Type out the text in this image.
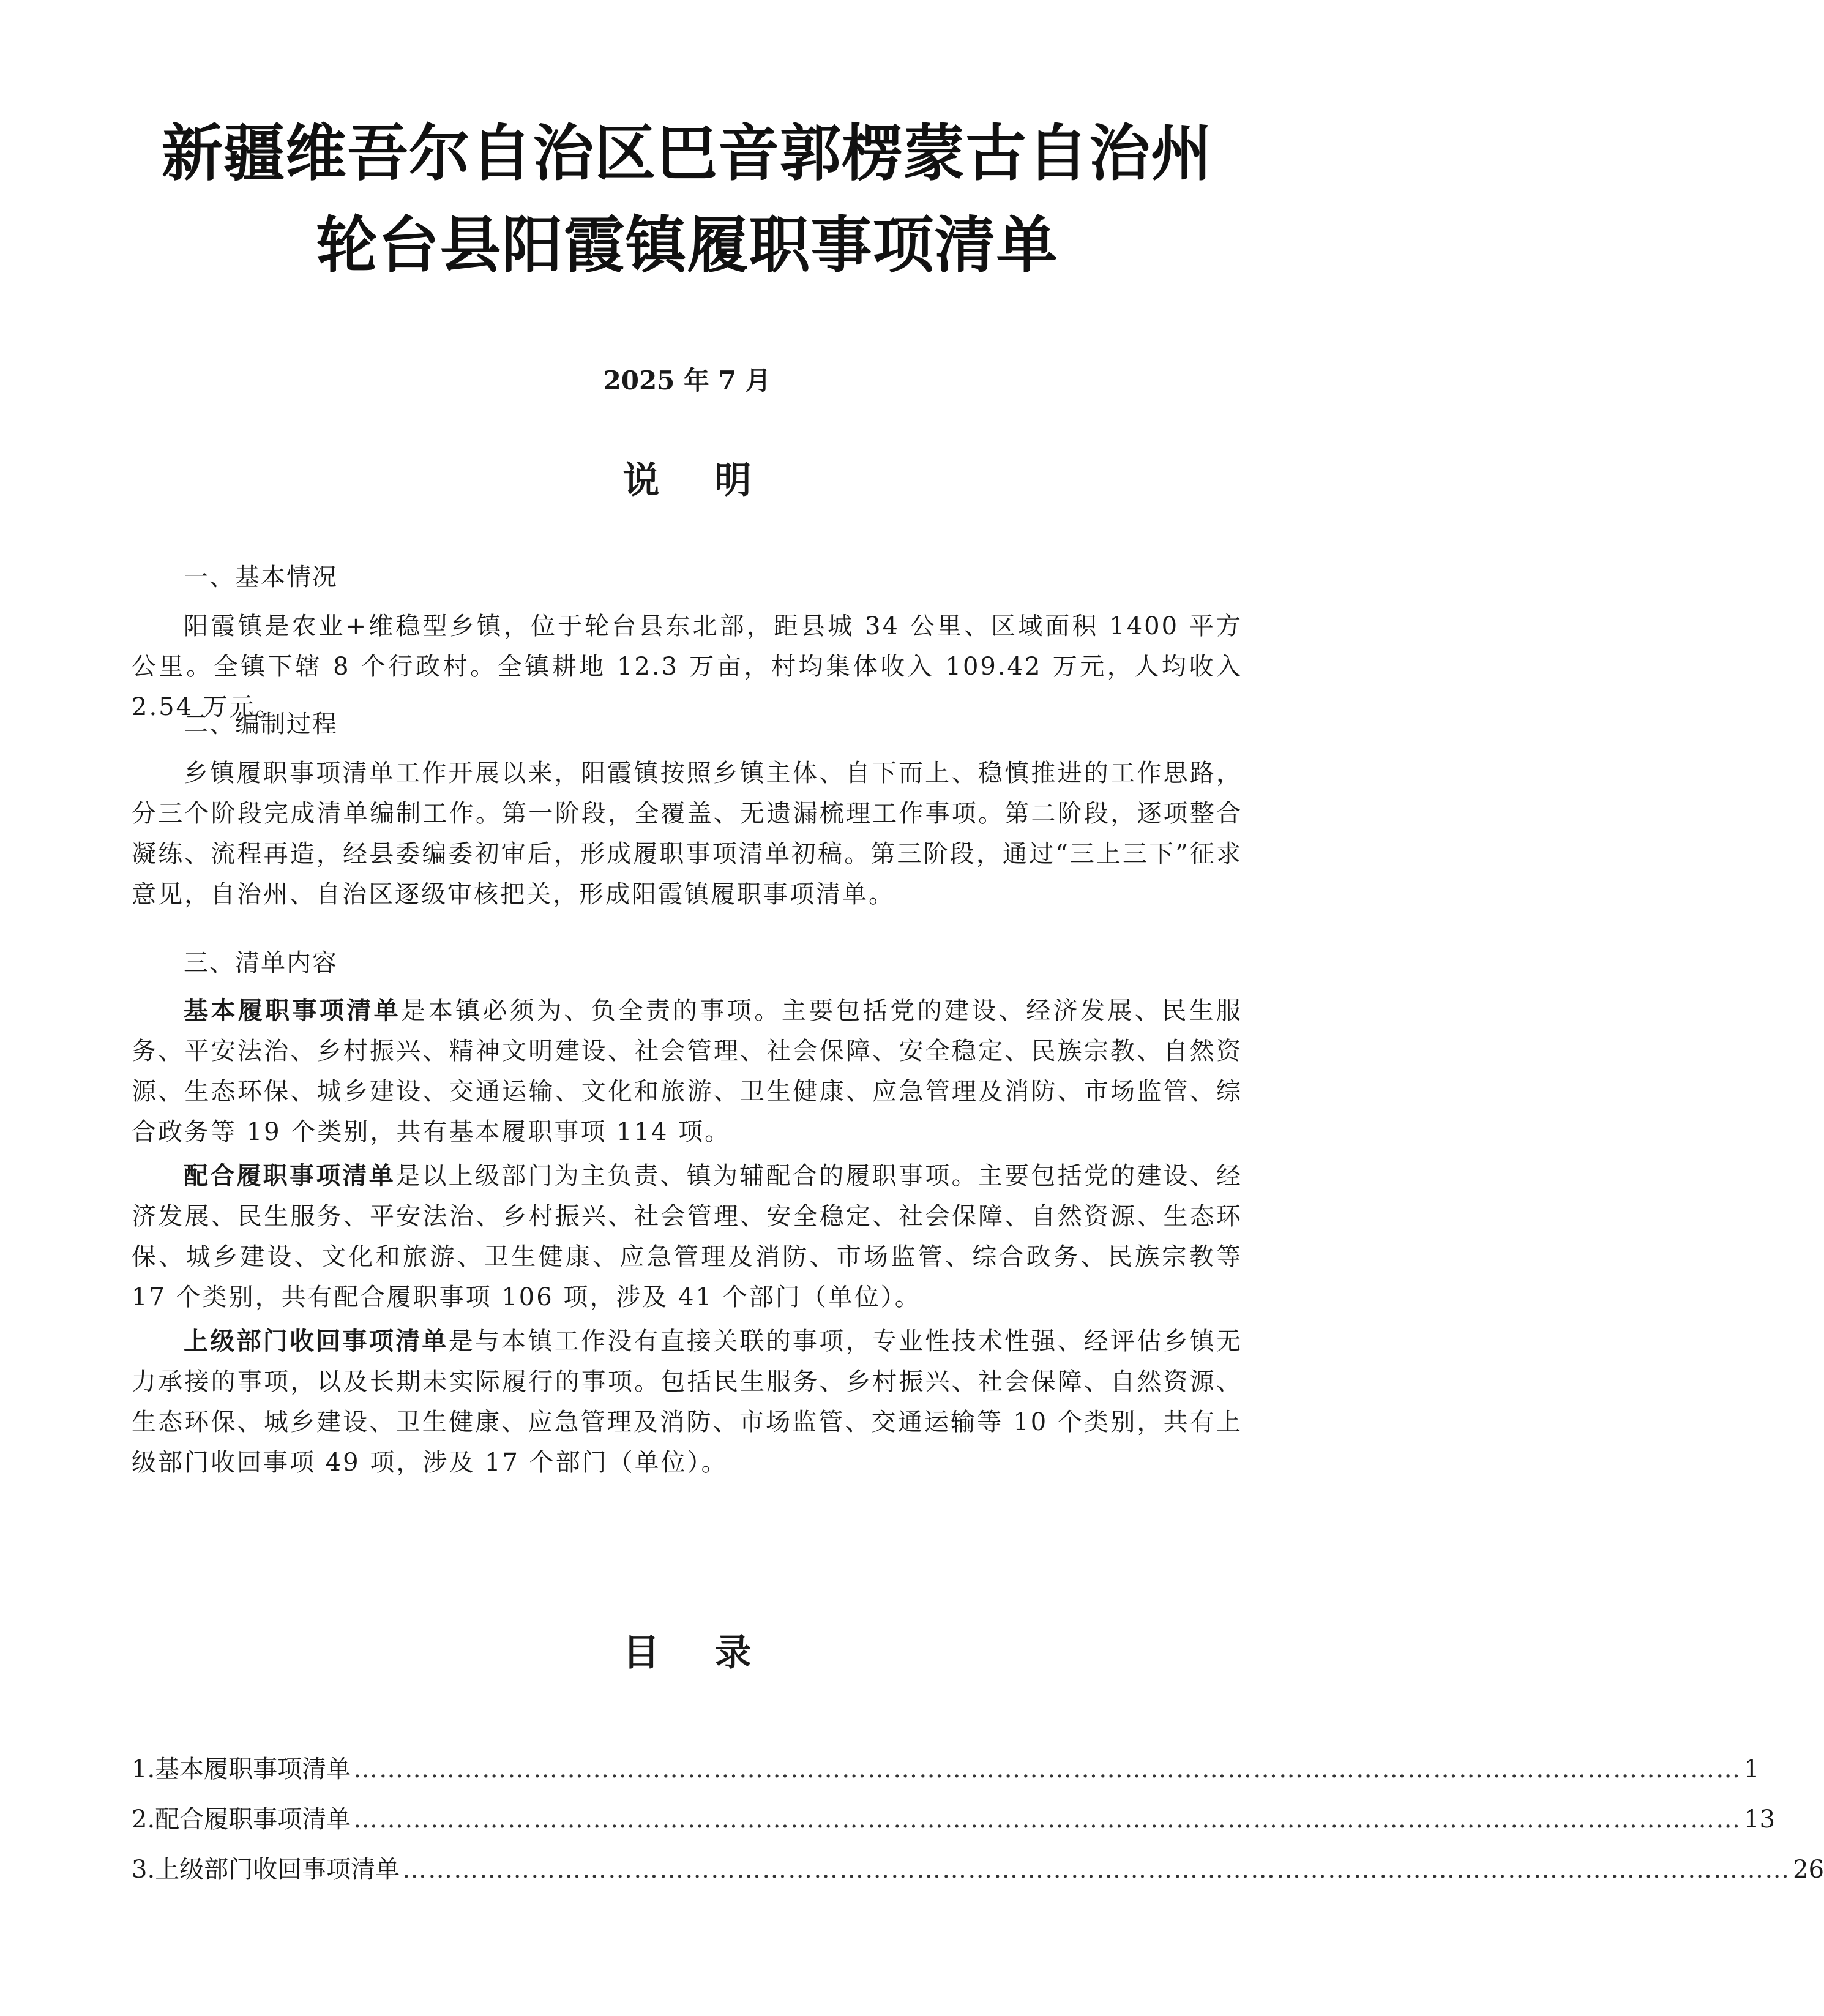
新疆维吾尔自治区巴音郭楞蒙古自治州
轮台县阳霞镇履职事项清单
2025 年 7 月
说明
一、基本情况
阳霞镇是农业+维稳型乡镇，位于轮台县东北部，距县城 34 公里、区域面积 1400 平方公里。全镇下辖 8 个行政村。全镇耕地 12.3 万亩，村均集体收入 109.42 万元，人均收入 2.54 万元。
二、编制过程
乡镇履职事项清单工作开展以来，阳霞镇按照乡镇主体、自下而上、稳慎推进的工作思路，分三个阶段完成清单编制工作。第一阶段，全覆盖、无遗漏梳理工作事项。第二阶段，逐项整合凝练、流程再造，经县委编委初审后，形成履职事项清单初稿。第三阶段，通过“三上三下”征求意见，自治州、自治区逐级审核把关，形成阳霞镇履职事项清单。
三、清单内容
基本履职事项清单是本镇必须为、负全责的事项。主要包括党的建设、经济发展、民生服务、平安法治、乡村振兴、精神文明建设、社会管理、社会保障、安全稳定、民族宗教、自然资源、生态环保、城乡建设、交通运输、文化和旅游、卫生健康、应急管理及消防、市场监管、综合政务等 19 个类别，共有基本履职事项 114 项。
配合履职事项清单是以上级部门为主负责、镇为辅配合的履职事项。主要包括党的建设、经济发展、民生服务、平安法治、乡村振兴、社会管理、安全稳定、社会保障、自然资源、生态环保、城乡建设、文化和旅游、卫生健康、应急管理及消防、市场监管、综合政务、民族宗教等 17 个类别，共有配合履职事项 106 项，涉及 41 个部门（单位）。
上级部门收回事项清单是与本镇工作没有直接关联的事项，专业性技术性强、经评估乡镇无力承接的事项，以及长期未实际履行的事项。包括民生服务、乡村振兴、社会保障、自然资源、生态环保、城乡建设、卫生健康、应急管理及消防、市场监管、交通运输等 10 个类别，共有上级部门收回事项 49 项，涉及 17 个部门（单位）。
目录
1.基本履职事项清单 ……………………………………………………………………………………………………………………………………………… 1
2.配合履职事项清单 ……………………………………………………………………………………………………………………………………………… 13
3.上级部门收回事项清单 ……………………………………………………………………………………………………………………………………………… 26
